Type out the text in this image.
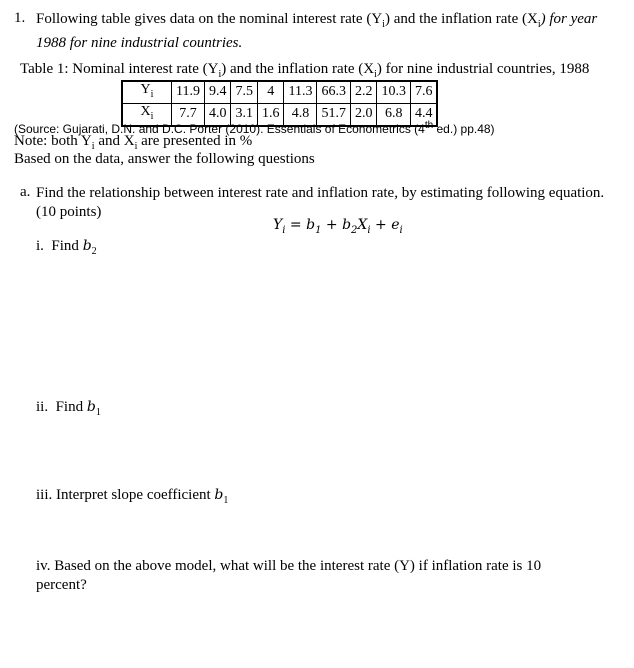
1. Following table gives data on the nominal interest rate $(Y_i)$ and the inflation rate $(X_i)$ for year 1988 for nine industrial countries.
Table 1: Nominal interest rate $(Y_i)$ and the inflation rate $(X_i)$ for nine industrial countries, 1988
$Y_i$	11.9	9.4	7.5	4	11.3	66.3	2.2	10.3	7.6
$X_i$	7.7	4.0	3.1	1.6	4.8	51.7	2.0	6.8	4.4
(Source: Gujarati, D.N. and D.C. Porter (2010). Essentials of Econometrics (4th ed.) pp.48)
Note: both $Y_i$ and $X_i$ are presented in %
Based on the data, answer the following questions
a. Find the relationship between interest rate and inflation rate, by estimating following equation. (10 points)
$Y_i = b_1 + b_2X_i + e_i$
i. Find $b_2$
ii. Find $b_1$
iii. Interpret slope coefficient $b_1$
iv. Based on the above model, what will be the interest rate (Y) if inflation rate is 10 percent?
